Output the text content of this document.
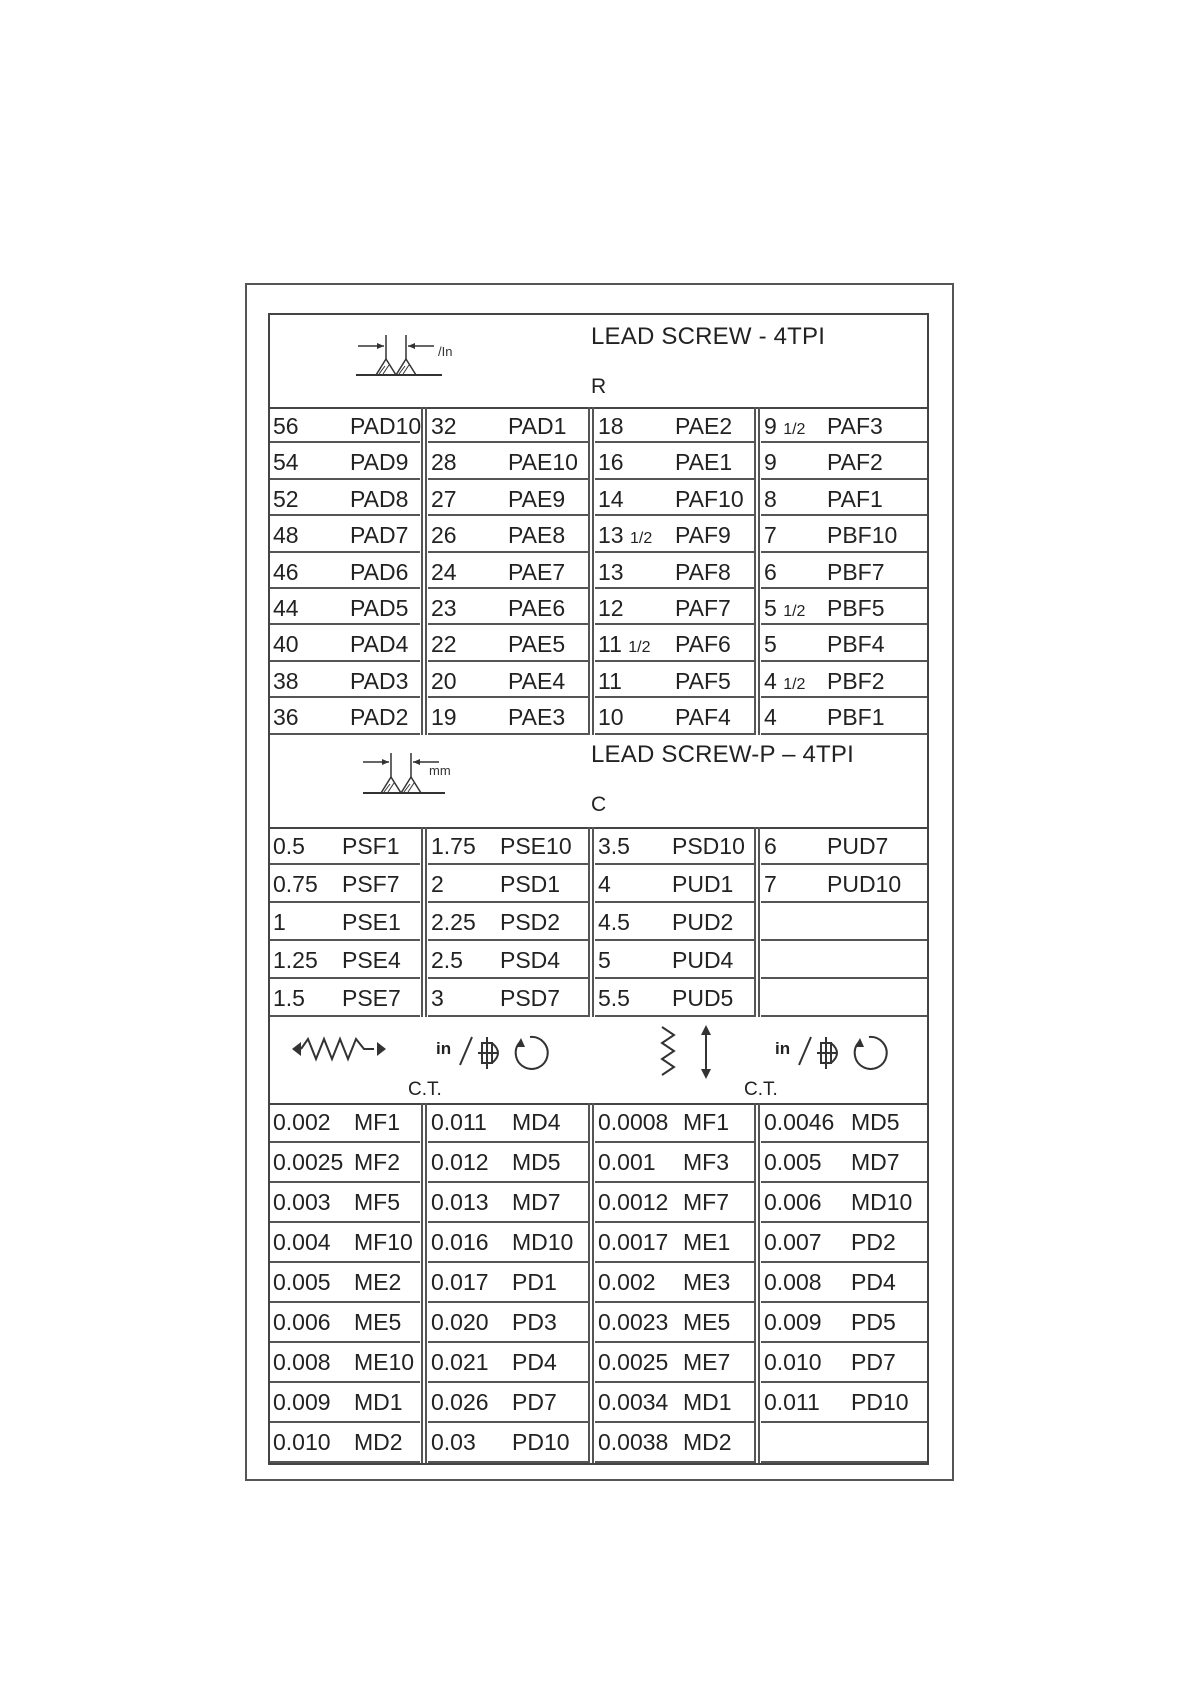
/In
LEAD SCREW - 4TPI
R
56 PAD10
54 PAD9
52 PAD8
48 PAD7
46 PAD6
44 PAD5
40 PAD4
38 PAD3
36 PAD2
32 PAD1
28 PAE10
27 PAE9
26 PAE8
24 PAE7
23 PAE6
22 PAE5
20 PAE4
19 PAE3
18 PAE2
16 PAE1
14 PAF10
13 1/2 PAF9
13 PAF8
12 PAF7
11 1/2 PAF6
11 PAF5
10 PAF4
9 1/2 PAF3
9 PAF2
8 PAF1
7 PBF10
6 PBF7
5 1/2 PBF5
5 PBF4
4 1/2 PBF2
4 PBF1
mm
LEAD SCREW-P – 4TPI
C
0.5 PSF1
0.75 PSF7
1 PSE1
1.25 PSE4
1.5 PSE7
1.75 PSE10
2 PSD1
2.25 PSD2
2.5 PSD4
3 PSD7
3.5 PSD10
4	PUD1
4.5 PUD2
5	PUD4
5.5 PUD5
6 PUD7
7 PUD10
in
C.T.
in
C.T.
0.002 MF1
0.0025 MF2
0.003 MF5
0.004 MF10
0.005 ME2
0.006 ME5
0.008 ME10
0.009 MD1
0.010 MD2
0.011 MD4
0.012 MD5
0.013 MD7
0.016 MD10
0.017 PD1
0.020 PD3
0.021 PD4
0.026 PD7
0.03 PD10
0.0008 MF1
0.001 MF3
0.0012 MF7
0.0017 ME1
0.002 ME3
0.0023 ME5
0.0025 ME7
0.0034 MD1
0.0038 MD2
0.0046 MD5
0.005 MD7
0.006 MD10
0.007 PD2
0.008 PD4
0.009 PD5
0.010 PD7
0.011 PD10
